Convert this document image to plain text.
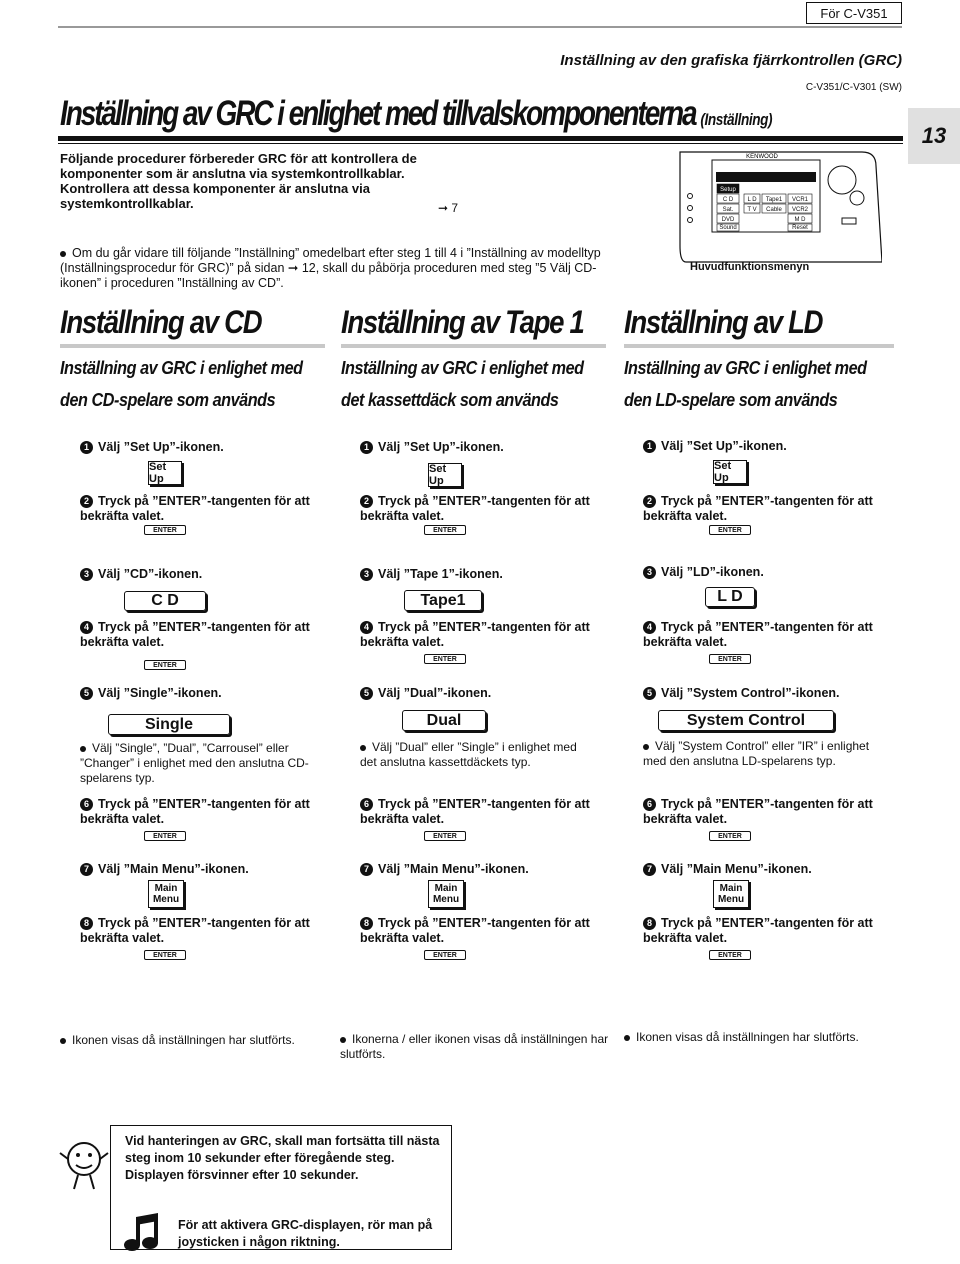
För C-V351
Inställning av den grafiska fjärrkontrollen (GRC)
C-V351/C-V301 (SW)
Inställning av GRC i enlighet med tillvalskomponenterna (Inställning)
13
Följande procedurer förbereder GRC för att kontrollera de komponenter som är anslutna via systemkontrollkablar. Kontrollera att dessa komponenter är anslutna via systemkontrollkablar.	➞ 7
Om du går vidare till följande ”Inställning” omedelbart efter steg 1 till 4 i ”Inställning av modelltyp (Inställningsprocedur för GRC)” på sidan ➞ 12, skall du påbörja proceduren med steg ”5 Välj CD-ikonen” i proceduren ”Inställning av CD”.
KENWOOD
Setup
C D L D Tape1 VCR1
Sat. T V Cable VCR2
DVD	M D
Sound	Reset
Huvudfunktionsmenyn
Inställning av CD
Inställning av GRC i enlighet med
den CD-spelare som används
1 Välj ”Set Up”-ikonen.
Set Up
2 Tryck på ”ENTER”-tangenten för att bekräfta valet.
ENTER
3 Välj ”CD”-ikonen.
C D
4 Tryck på ”ENTER”-tangenten för att bekräfta valet.
ENTER
5 Välj ”Single”-ikonen.
Single
Välj ”Single”, ”Dual”, ”Carrousel” eller ”Changer” i enlighet med den anslutna CD-spelarens typ.
6 Tryck på ”ENTER”-tangenten för att bekräfta valet.
ENTER
7 Välj ”Main Menu”-ikonen.
Main
Menu
8 Tryck på ”ENTER”-tangenten för att bekräfta valet.
ENTER
Ikonen visas då inställningen har slutförts.
Inställning av Tape 1
Inställning av GRC i enlighet med
det kassettdäck som används
1 Välj ”Set Up”-ikonen.
Set Up
2 Tryck på ”ENTER”-tangenten för att bekräfta valet.
ENTER
3 Välj ”Tape 1”-ikonen.
Tape1
4 Tryck på ”ENTER”-tangenten för att bekräfta valet.
ENTER
5 Välj ”Dual”-ikonen.
Dual
Välj ”Dual” eller ”Single” i enlighet med det anslutna kassettdäckets typ.
6 Tryck på ”ENTER”-tangenten för att bekräfta valet.
ENTER
7 Välj ”Main Menu”-ikonen.
Main
Menu
8 Tryck på ”ENTER”-tangenten för att bekräfta valet.
ENTER
Ikonerna / eller ikonen visas då inställningen har slutförts.
Inställning av LD
Inställning av GRC i enlighet med
den LD-spelare som används
1 Välj ”Set Up”-ikonen.
Set Up
2 Tryck på ”ENTER”-tangenten för att bekräfta valet.
ENTER
3 Välj ”LD”-ikonen.
L D
4 Tryck på ”ENTER”-tangenten för att bekräfta valet.
ENTER
5 Välj ”System Control”-ikonen.
System Control
Välj ”System Control” eller ”IR” i enlighet med den anslutna LD-spelarens typ.
6 Tryck på ”ENTER”-tangenten för att bekräfta valet.
ENTER
7 Välj ”Main Menu”-ikonen.
Main
Menu
8 Tryck på ”ENTER”-tangenten för att bekräfta valet.
ENTER
Ikonen visas då inställningen har slutförts.
Vid hanteringen av GRC, skall man fortsätta till nästa steg inom 10 sekunder efter föregående steg. Displayen försvinner efter 10 sekunder.
För att aktivera GRC-displayen, rör man på joysticken i någon riktning.
